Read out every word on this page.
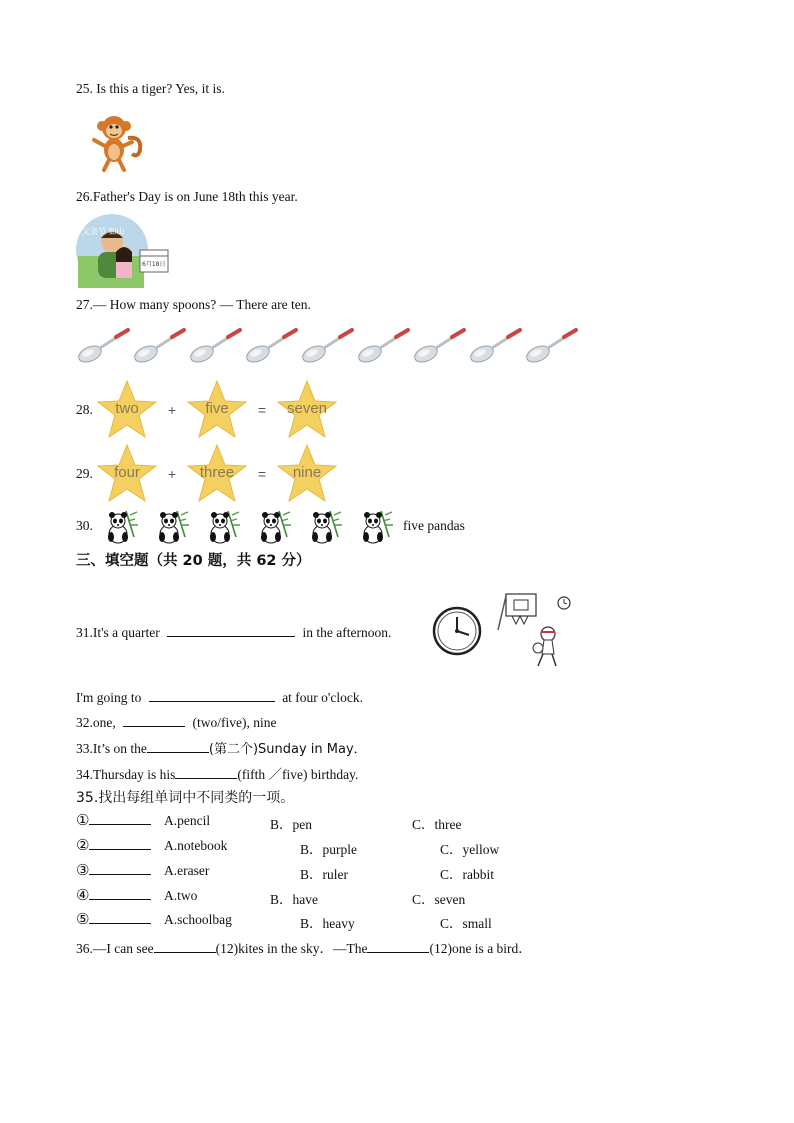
25. Is this a tiger? Yes, it is.
26.Father's Day is on June 18th this year.
父亲节 如山
6月18日
27.— How many spoons? — There are ten.
28.	two	+	five	=	seven
29.	four	+	three	=	nine
30.	five pandas
三、填空题（共 20 题，共 62 分）
31.It's a quarter	in the afternoon.
I'm going to	at four o'clock.
32.one,	(two/five), nine
33.It’s on the	(第二个)Sunday in May．
34.Thursday is his	(fifth ／five) birthday.
35.找出每组单词中不同类的一项。
①	A.pencil	B．pen	C．three
②	A.notebook	B．purple	C．yellow
③	A.eraser	B．ruler	C．rabbit
④	A.two	B．have	C．seven
⑤	A.schoolbag	B．heavy	C．small
36.—I can see	(12)kites in the sky．—The	(12)one is a bird．
